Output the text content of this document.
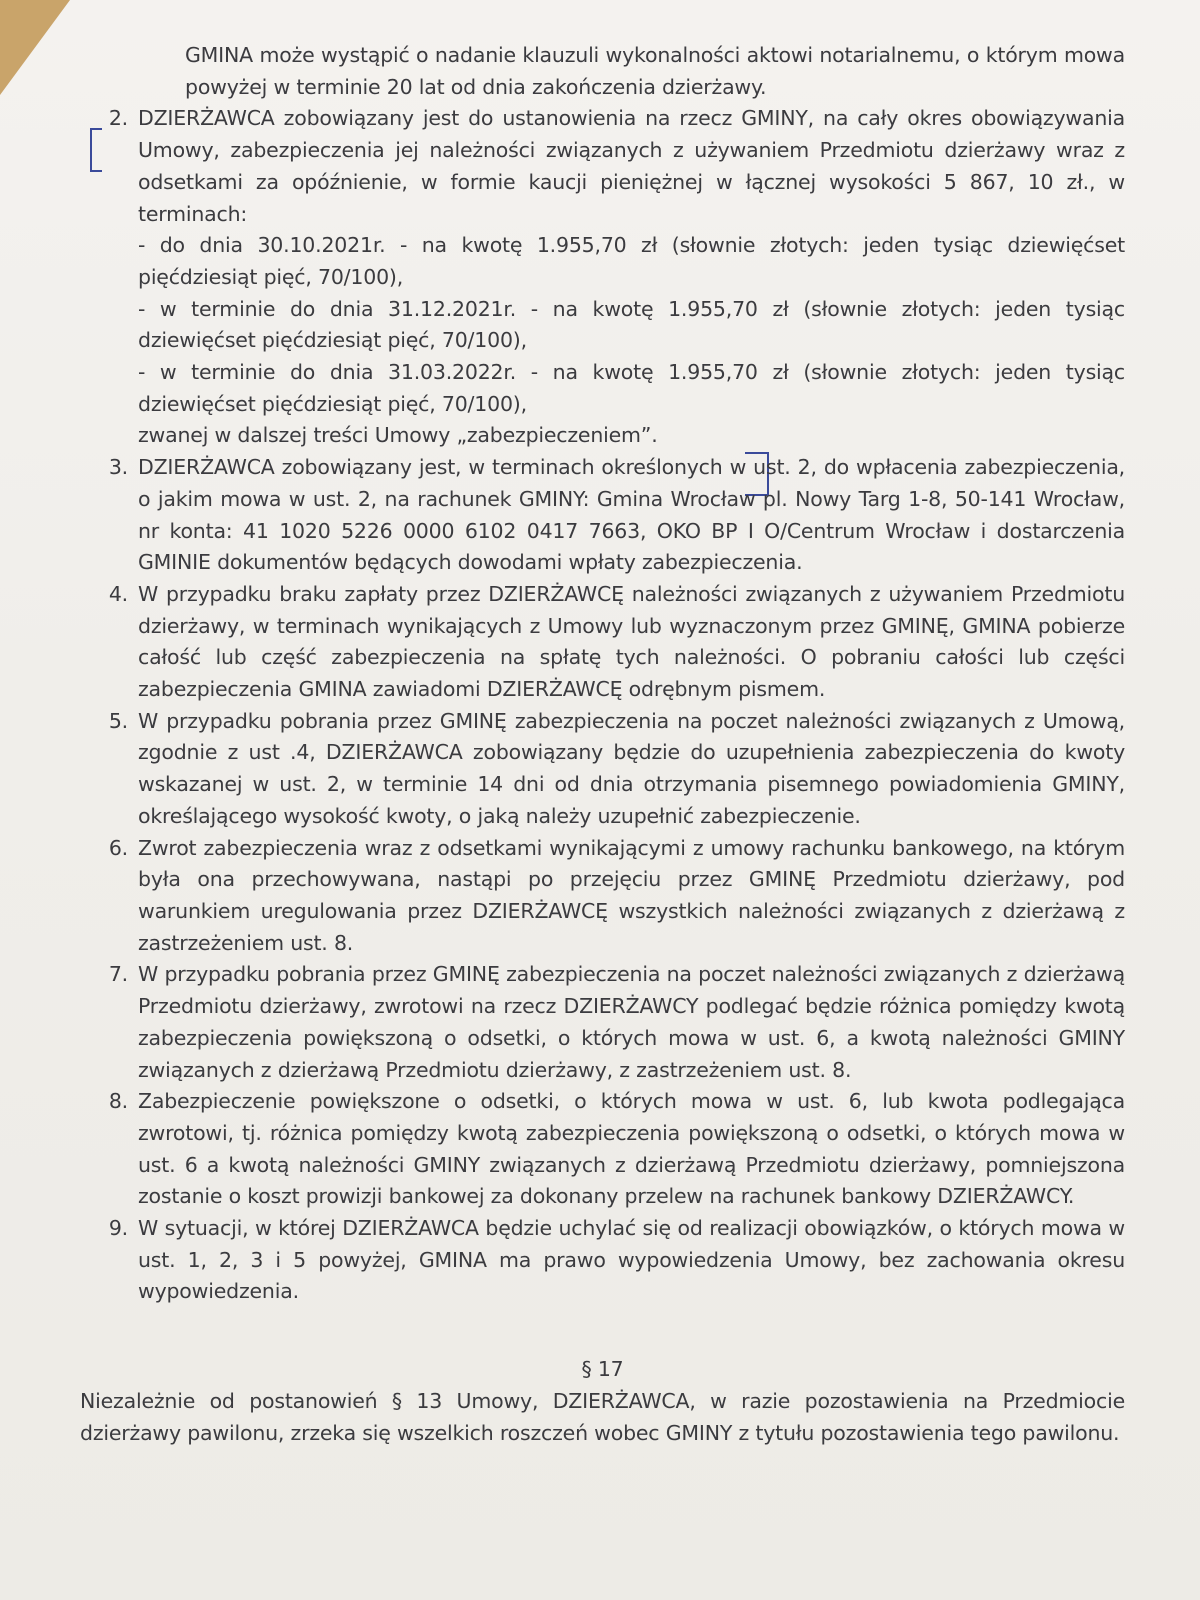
GMINA może wystąpić o nadanie klauzuli wykonalności aktowi notarialnemu, o którym mowa powyżej w terminie 20 lat od dnia zakończenia dzierżawy.

2. DZIERŻAWCA zobowiązany jest do ustanowienia na rzecz GMINY, na cały okres obowiązywania Umowy, zabezpieczenia jej należności związanych z używaniem Przedmiotu dzierżawy wraz z odsetkami za opóźnienie, w formie kaucji pieniężnej w łącznej wysokości 5 867, 10 zł., w terminach:
- do dnia 30.10.2021r. - na kwotę 1.955,70 zł (słownie złotych: jeden tysiąc dziewięćset pięćdziesiąt pięć, 70/100),
- w terminie do dnia 31.12.2021r. - na kwotę 1.955,70 zł (słownie złotych: jeden tysiąc dziewięćset pięćdziesiąt pięć, 70/100),
- w terminie do dnia 31.03.2022r. - na kwotę 1.955,70 zł (słownie złotych: jeden tysiąc dziewięćset pięćdziesiąt pięć, 70/100),
zwanej w dalszej treści Umowy „zabezpieczeniem”.
3. DZIERŻAWCA zobowiązany jest, w terminach określonych w ust. 2, do wpłacenia zabezpieczenia, o jakim mowa w ust. 2, na rachunek GMINY: Gmina Wrocław pl. Nowy Targ 1-8, 50-141 Wrocław, nr konta: 41 1020 5226 0000 6102 0417 7663, OKO BP I O/Centrum Wrocław i dostarczenia GMINIE dokumentów będących dowodami wpłaty zabezpieczenia.
4. W przypadku braku zapłaty przez DZIERŻAWCĘ należności związanych z używaniem Przedmiotu dzierżawy, w terminach wynikających z Umowy lub wyznaczonym przez GMINĘ, GMINA pobierze całość lub część zabezpieczenia na spłatę tych należności. O pobraniu całości lub części zabezpieczenia GMINA zawiadomi DZIERŻAWCĘ odrębnym pismem.
5. W przypadku pobrania przez GMINĘ zabezpieczenia na poczet należności związanych z Umową, zgodnie z ust .4, DZIERŻAWCA zobowiązany będzie do uzupełnienia zabezpieczenia do kwoty wskazanej w ust. 2, w terminie 14 dni od dnia otrzymania pisemnego powiadomienia GMINY, określającego wysokość kwoty, o jaką należy uzupełnić zabezpieczenie.
6. Zwrot zabezpieczenia wraz z odsetkami wynikającymi z umowy rachunku bankowego, na którym była ona przechowywana, nastąpi po przejęciu przez GMINĘ Przedmiotu dzierżawy, pod warunkiem uregulowania przez DZIERŻAWCĘ wszystkich należności związanych z dzierżawą z zastrzeżeniem ust. 8.
7. W przypadku pobrania przez GMINĘ zabezpieczenia na poczet należności związanych z dzierżawą Przedmiotu dzierżawy, zwrotowi na rzecz DZIERŻAWCY podlegać będzie różnica pomiędzy kwotą zabezpieczenia powiększoną o odsetki, o których mowa w ust. 6, a kwotą należności GMINY związanych z dzierżawą Przedmiotu dzierżawy, z zastrzeżeniem ust. 8.
8. Zabezpieczenie powiększone o odsetki, o których mowa w ust. 6, lub kwota podlegająca zwrotowi, tj. różnica pomiędzy kwotą zabezpieczenia powiększoną o odsetki, o których mowa w ust. 6 a kwotą należności GMINY związanych z dzierżawą Przedmiotu dzierżawy, pomniejszona zostanie o koszt prowizji bankowej za dokonany przelew na rachunek bankowy DZIERŻAWCY.
9. W sytuacji, w której DZIERŻAWCA będzie uchylać się od realizacji obowiązków, o których mowa w ust. 1, 2, 3 i 5 powyżej, GMINA ma prawo wypowiedzenia Umowy, bez zachowania okresu wypowiedzenia.
§ 17

Niezależnie od postanowień § 13 Umowy, DZIERŻAWCA, w razie pozostawienia na Przedmiocie dzierżawy pawilonu, zrzeka się wszelkich roszczeń wobec GMINY z tytułu pozostawienia tego pawilonu.
